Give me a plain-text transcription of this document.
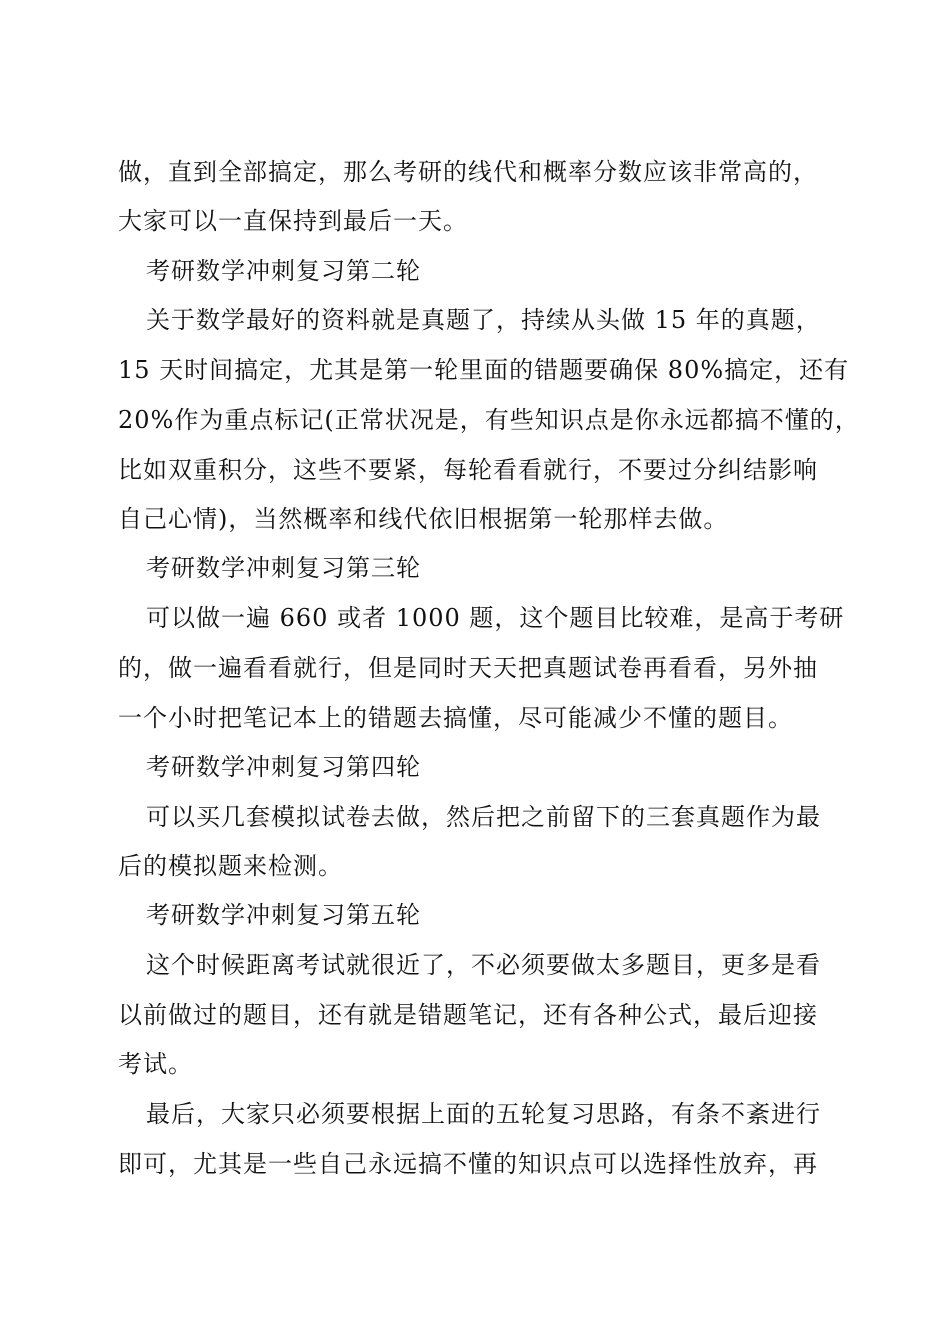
做，直到全部搞定，那么考研的线代和概率分数应该非常高的，
大家可以一直保持到最后一天。
考研数学冲刺复习第二轮
关于数学最好的资料就是真题了，持续从头做 15 年的真题，
15 天时间搞定，尤其是第一轮里面的错题要确保 80%搞定，还有
20%作为重点标记(正常状况是，有些知识点是你永远都搞不懂的，
比如双重积分，这些不要紧，每轮看看就行，不要过分纠结影响
自己心情)，当然概率和线代依旧根据第一轮那样去做。
考研数学冲刺复习第三轮
可以做一遍 660 或者 1000 题，这个题目比较难，是高于考研
的，做一遍看看就行，但是同时天天把真题试卷再看看，另外抽
一个小时把笔记本上的错题去搞懂，尽可能减少不懂的题目。
考研数学冲刺复习第四轮
可以买几套模拟试卷去做，然后把之前留下的三套真题作为最
后的模拟题来检测。
考研数学冲刺复习第五轮
这个时候距离考试就很近了，不必须要做太多题目，更多是看
以前做过的题目，还有就是错题笔记，还有各种公式，最后迎接
考试。
最后，大家只必须要根据上面的五轮复习思路，有条不紊进行
即可，尤其是一些自己永远搞不懂的知识点可以选择性放弃，再
